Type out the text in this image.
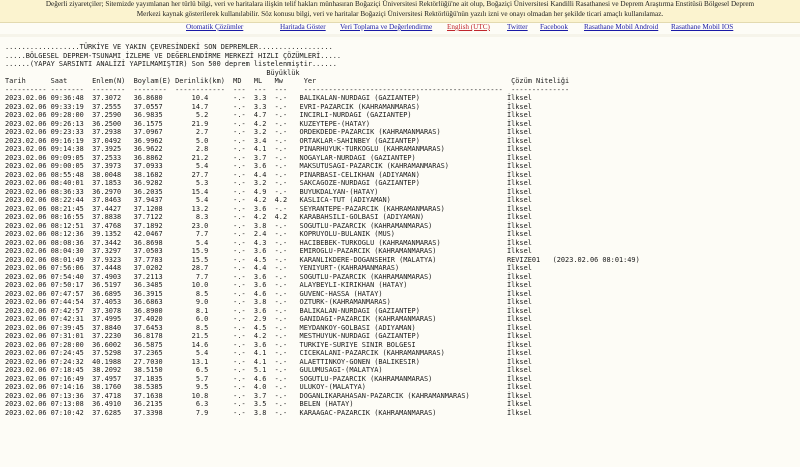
Değerli ziyaretçiler; Sitemizde yayımlanan her türlü bilgi, veri ve haritalara ilişkin telif hakları münhasıran Boğaziçi Üniversitesi Rektörlüğü'ne ait olup, Boğaziçi Üniversitesi Kandilli Rasathanesi ve Deprem Araştırma Enstitüsü Bölgesel Deprem
Merkezi kaynak gösterilerek kullanılabilir. Söz konusu bilgi, veri ve haritalar Boğaziçi Üniversitesi Rektörlüğü'nün yazılı izni ve onayı olmadan her şekilde ticari amaçlı kullanılamaz.
Otomatik Çözümler	Haritada Göster Veri Toplama ve Değerlendirme English (UTC) Twitter Facebook Rasathane Mobil Android Rasathane Mobil IOS
..................TÜRKİYE VE YAKIN ÇEVRESİNDEKİ SON DEPREMLER..................
.....BÖLGESEL DEPREM-TSUNAMI İZLEME VE DEĞERLENDİRME MERKEZİ HIZLI ÇÖZÜMLERİ.....
......(YAPAY SARSINTI ANALİZİ YAPILMAMIŞTIR) Son 500 deprem listelenmiştir......
Büyüklük
Tarih      Saat      Enlem(N)  Boylam(E) Derinlik(km)  MD   ML   Mw     Yer                                               Çözüm Niteliği
---------- --------  --------  --------  ------------  ---  ---  ---    ------------------------------------------------  --------------
2023.02.06 09:36:48  37.3072   36.8680       10.4      -.-  3.3  -.-   BALIKALAN-NURDAGI (GAZIANTEP)                     İlksel
2023.02.06 09:33:19  37.2555   37.0557       14.7      -.-  3.3  -.-   EVRI-PAZARCIK (KAHRAMANMARAS)                     İlksel
2023.02.06 09:28:00  37.2590   36.9835        5.2      -.-  4.7  -.-   INCIRLI-NURDAGI (GAZIANTEP)                       İlksel
2023.02.06 09:26:13  36.2500   36.1575       21.9      -.-  4.2  -.-   KUZEYTEPE-(HATAY)                                 İlksel
2023.02.06 09:23:33  37.2938   37.0967        2.7      -.-  3.2  -.-   ORDEKDEDE-PAZARCIK (KAHRAMANMARAS)                İlksel
2023.02.06 09:16:19  37.0492   36.9962        5.0      -.-  3.4  -.-   ORTAKLAR-SAHINBEY (GAZIANTEP)                     İlksel
2023.02.06 09:14:38  37.3925   36.9622        2.8      -.-  4.1  -.-   PINARHUYUK-TURKOGLU (KAHRAMANMARAS)               İlksel
2023.02.06 09:09:05  37.2533   36.8862       21.2      -.-  3.7  -.-   NOGAYLAR-NURDAGI (GAZIANTEP)                      İlksel
2023.02.06 09:00:05  37.3973   37.0933        5.4      -.-  3.6  -.-   MAKSUTUSAGI-PAZARCIK (KAHRAMANMARAS)              İlksel
2023.02.06 08:55:48  38.0048   38.1682       27.7      -.-  4.4  -.-   PINARBASI-CELIKHAN (ADIYAMAN)                     İlksel
2023.02.06 08:40:01  37.1853   36.9282        5.3      -.-  3.2  -.-   SAKCAGOZE-NURDAGI (GAZIANTEP)                     İlksel
2023.02.06 08:36:33  36.2970   36.2035       15.4      -.-  4.9  -.-   BUYUKDALYAN-(HATAY)                               İlksel
2023.02.06 08:22:44  37.8463   37.9437        5.4      -.-  4.2  4.2   KASLICA-TUT (ADIYAMAN)                            İlksel
2023.02.06 08:21:45  37.4427   37.1208       13.2      -.-  3.6  -.-   SEYRANTEPE-PAZARCIK (KAHRAMANMARAS)               İlksel
2023.02.06 08:16:55  37.8838   37.7122        8.3      -.-  4.2  4.2   KARABAHSILI-GOLBASI (ADIYAMAN)                    İlksel
2023.02.06 08:12:51  37.4768   37.1892       23.0      -.-  3.8  -.-   SOGUTLU-PAZARCIK (KAHRAMANMARAS)                  İlksel
2023.02.06 08:12:36  39.1352   42.0467        7.7      -.-  2.4  -.-   KOPRUYOLU-BULANIK (MUS)                           İlksel
2023.02.06 08:08:36  37.3442   36.8698        5.4      -.-  4.3  -.-   HACIBEBEK-TURKOGLU (KAHRAMANMARAS)                İlksel
2023.02.06 08:04:30  37.3297   37.0503       15.9      -.-  3.6  -.-   EMIROGLU-PAZARCIK (KAHRAMANMARAS)                 İlksel
2023.02.06 08:01:49  37.9323   37.7783       15.5      -.-  4.5  -.-   KARANLIKDERE-DOGANSEHIR (MALATYA)                 REVIZE01   (2023.02.06 08:01:49)
2023.02.06 07:56:06  37.4448   37.0202       28.7      -.-  4.4  -.-   YENIYURT-(KAHRAMANMARAS)                          İlksel
2023.02.06 07:54:40  37.4903   37.2113        7.7      -.-  3.6  -.-   SOGUTLU-PAZARCIK (KAHRAMANMARAS)                  İlksel
2023.02.06 07:50:17  36.5197   36.3485       10.0      -.-  3.6  -.-   ALAYBEYLI-KIRIKHAN (HATAY)                        İlksel
2023.02.06 07:47:57  36.6895   36.3915        8.5      -.-  4.6  -.-   GUVENC-HASSA (HATAY)                              İlksel
2023.02.06 07:44:54  37.4053   36.6863        9.0      -.-  3.8  -.-   OZTURK-(KAHRAMANMARAS)                            İlksel
2023.02.06 07:42:57  37.3078   36.8900        8.1      -.-  3.6  -.-   BALIKALAN-NURDAGI (GAZIANTEP)                     İlksel
2023.02.06 07:42:31  37.4995   37.4020        6.0      -.-  2.9  -.-   GANIDAGI-PAZARCIK (KAHRAMANMARAS)                 İlksel
2023.02.06 07:39:45  37.8840   37.6453        8.5      -.-  4.5  -.-   MEYDANKOY-GOLBASI (ADIYAMAN)                      İlksel
2023.02.06 07:31:01  37.2230   36.8178       21.5      -.-  4.2  -.-   MESTHUYUK-NURDAGI (GAZIANTEP)                     İlksel
2023.02.06 07:28:00  36.6002   36.5875       14.6      -.-  3.6  -.-   TURKIYE-SURIYE SINIR BOLGESI                      İlksel
2023.02.06 07:24:45  37.5298   37.2365        5.4      -.-  4.1  -.-   CICEKALANI-PAZARCIK (KAHRAMANMARAS)               İlksel
2023.02.06 07:24:32  40.1988   27.7030       13.1      -.-  4.1  -.-   ALAETTINKOY-GONEN (BALIKESIR)                     İlksel
2023.02.06 07:18:45  38.2092   38.5150        6.5      -.-  5.1  -.-   GULUMUSAGI-(MALATYA)                              İlksel
2023.02.06 07:16:49  37.4957   37.1835        5.7      -.-  4.6  -.-   SOGUTLU-PAZARCIK (KAHRAMANMARAS)                  İlksel
2023.02.06 07:14:16  38.1760   38.5385        9.5      -.-  4.0  -.-   ULUKOY-(MALATYA)                                  İlksel
2023.02.06 07:13:36  37.4718   37.1638       10.8      -.-  3.7  -.-   DOGANLIKARAHASAN-PAZARCIK (KAHRAMANMARAS)         İlksel
2023.02.06 07:13:08  36.4910   36.2135        6.3      -.-  3.5  -.-   BELEN (HATAY)                                     İlksel
2023.02.06 07:10:42  37.6285   37.3398        7.9      -.-  3.8  -.-   KARAAGAC-PAZARCIK (KAHRAMANMARAS)                 İlksel
